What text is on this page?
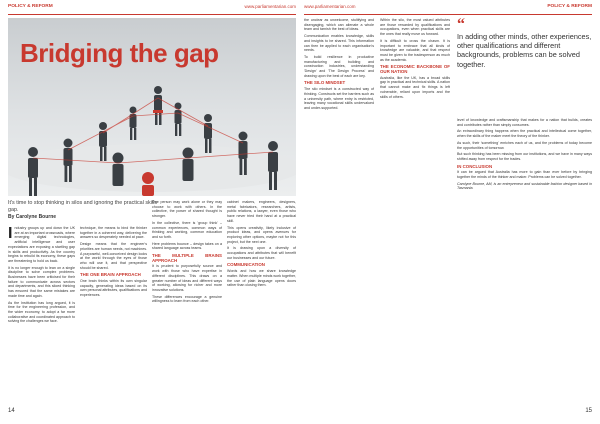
POLICY & REFORM	www.parliamentarian.com www.parliamentarian.com	POLICY & REFORM
Bridging the gap
It's time to stop thinking in silos and ignoring the practical skills gap.
By Carolyne Bourne

Industry groups up and down the UK are at an important crossroads, where emerging digital technologies, artificial intelligence and user expectations are exposing a startling gap in skills and productivity. As the country begins to rebuild its economy, these gaps are threatening to hold us back.

It is no longer enough to lean on a single discipline to solve complex problems. Businesses have been criticised for their failure to communicate across sectors and departments, and this siloed thinking has ensured that the same mistakes are made time and again.

As the Institution has long argued, it is time for the engineering profession, and the wider economy, to adopt a far more collaborative and coordinated approach to solving the challenges we face.

technique, the means to bind the thinker together in a coherent way, delivering the answers so desperately needed at pace.

Design means that the engineer's priorities are human needs, not machines. A purposeful, well-conceived design looks at the world through the eyes of those who will use it, and that perspective should be shared.

THE ONE BRAIN APPROACH

One brain thinks within its own singular capacity, generating ideas based on its own personal attributes, qualifications and experiences.

One person may work alone or they may choose to work with others. In the collective, the power of shared thought is stronger.

In the collective, there is 'group think' – common experiences, common ways of thinking and working, common education and so forth.

Here problems bounce – design takes on a shared language across teams.

THE MULTIPLE BRAINS APPROACH

It is prudent to purposefully source and work with those who have expertise in different disciplines. This draws on a greater number of ideas and different ways of working, allowing for richer and more innovative solutions.

These differences encourage a genuine willingness to learn from each other.

cabinet makers, engineers, designers, metal fabricators, researchers, artists, public relations, a lawyer, even those who have never tried their hand at a practical skill.

This opens creativity, likely inclusive of product ideas, and opens avenues for exploring other options, maybe not for this project, but the next one.

It is drawing upon a diversity of occupations and attributes that will benefit our businesses and our future.

COMMUNICATION

Words and how we share knowledge matter. When multiple minds work together, the use of plain language opens doors rather than closing them.

the unclear as unwelcome, stultifying and disengaging, which can alienate a whole team and tarnish the best of ideas.

Communication enables knowledge, skills and insights to be shared. This information can then be applied to each organisation's needs.

To build resilience in productive manufacturing and building and construction industries, understanding 'Design' and 'The Design Process' and drawing upon the best of each are key.

THE SILO MINDSET

The silo mindset is a constructed way of thinking. Constructs set the barriers such as a university path, where entry is restricted, leaving many vocational skills undervalued and under-supported.

Within the silo, the most valued attributes are those rewarded by qualifications and occupations, even when practical skills are the ones that really move us forward.

It is difficult to cross the chasm. It is important to embrace that all kinds of knowledge are valuable, and that respect must be given to the tradesperson as much as the academic.

THE ECONOMIC BACKBONE OF OUR NATION

Australia, like the UK, has a broad skills gap in practical and technical skills. A nation that cannot make and fix things is left vulnerable, reliant upon imports and the skills of others.

“
In adding other minds, other experiences, other qualifications and different backgrounds, problems can be solved together.

level of knowledge and craftsmanship that makes for a nation that builds, creates and contributes rather than simply consumes.

An extraordinary thing happens when the practical and intellectual come together, when the skills of the maker meet the theory of the thinker.

As such, their 'something' enriches each of us, and the problems of today become the opportunities of tomorrow.

But such thinking has been missing from our institutions, and we have in many ways shifted away from respect for the trades.

IN CONCLUSION

It can be argued that Australia has more to gain than ever before by bringing together the minds of the thinker and maker. Problems can be solved together.

Carolyne Bourne, AM, is an entrepreneur and sustainable fashion designer based in Tasmania.

14	15
